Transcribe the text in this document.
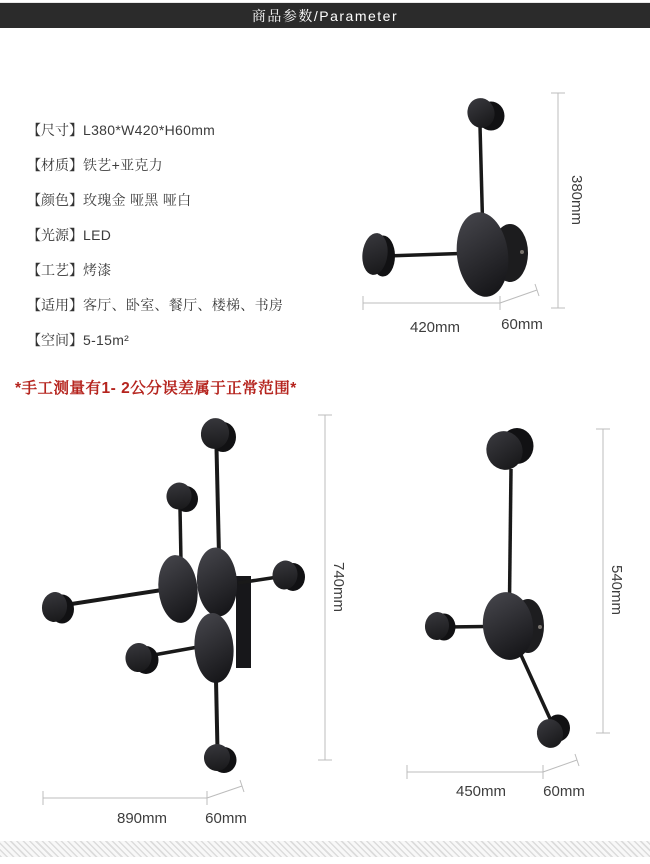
商品参数/Parameter
【尺寸】 L380*W420*H60mm
【材质】 铁艺+亚克力
【颜色】 玫瑰金 哑黑 哑白
【光源】 LED
【工艺】 烤漆
【适用】 客厅、卧室、餐厅、楼梯、书房
【空间】 5-15m²
*手工测量有1- 2公分误差属于正常范围*
380mm
420mm	60mm
740mm
890mm	60mm
540mm
450mm 60mm
